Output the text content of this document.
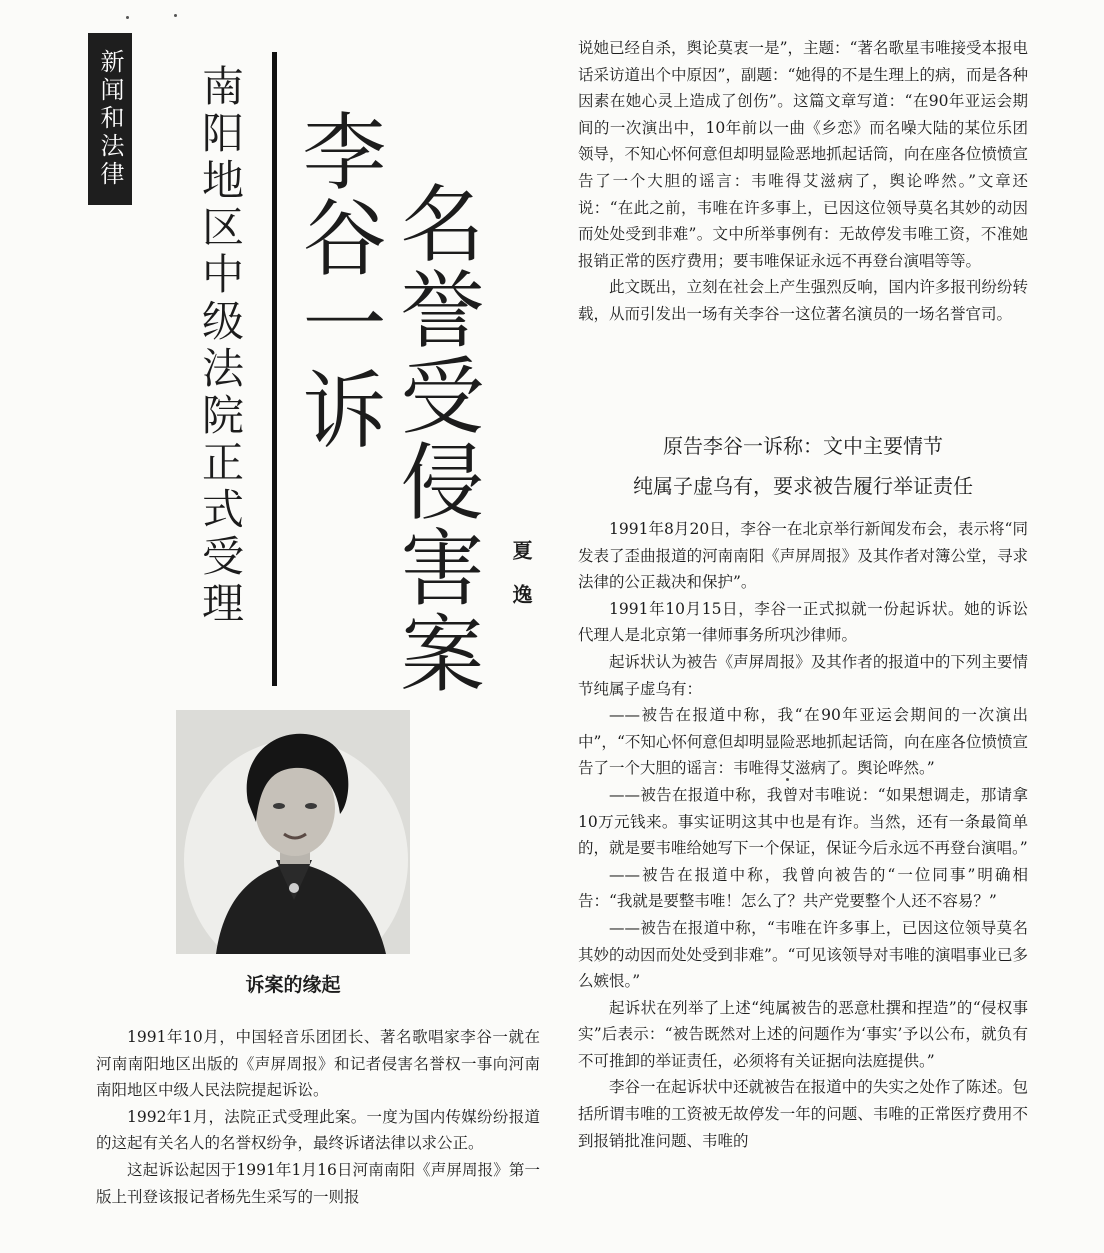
新闻和法律 南阳地区中级法院正式受理 李谷一诉 名誉受侵害案 夏逸
诉案的缘起

1991年10月，中国轻音乐团团长、著名歌唱家李谷一就在河南南阳地区出版的《声屏周报》和记者侵害名誉权一事向河南南阳地区中级人民法院提起诉讼。

1992年1月，法院正式受理此案。一度为国内传媒纷纷报道的这起有关名人的名誉权纷争，最终诉诸法律以求公正。

这起诉讼起因于1991年1月16日河南南阳《声屏周报》第一版上刊登该报记者杨先生采写的一则报

说她已经自杀，舆论莫衷一是”，主题：“著名歌星韦唯接受本报电话采访道出个中原因”，副题：“她得的不是生理上的病，而是各种因素在她心灵上造成了创伤”。这篇文章写道：“在90年亚运会期间的一次演出中，10年前以一曲《乡恋》而名噪大陆的某位乐团领导，不知心怀何意但却明显险恶地抓起话筒，向在座各位愤愤宣告了一个大胆的谣言：韦唯得艾滋病了，舆论哗然。”文章还说：“在此之前，韦唯在许多事上，已因这位领导莫名其妙的动因而处处受到非难”。文中所举事例有：无故停发韦唯工资，不准她报销正常的医疗费用；要韦唯保证永远不再登台演唱等等。

此文既出，立刻在社会上产生强烈反响，国内许多报刊纷纷转载，从而引发出一场有关李谷一这位著名演员的一场名誉官司。

原告李谷一诉称：文中主要情节
纯属子虚乌有，要求被告履行举证责任

1991年8月20日，李谷一在北京举行新闻发布会，表示将“同发表了歪曲报道的河南南阳《声屏周报》及其作者对簿公堂，寻求法律的公正裁决和保护”。

1991年10月15日，李谷一正式拟就一份起诉状。她的诉讼代理人是北京第一律师事务所巩沙律师。

起诉状认为被告《声屏周报》及其作者的报道中的下列主要情节纯属子虚乌有：

——被告在报道中称，我“在90年亚运会期间的一次演出中”，“不知心怀何意但却明显险恶地抓起话筒，向在座各位愤愤宣告了一个大胆的谣言：韦唯得艾滋病了。舆论哗然。”

——被告在报道中称，我曾对韦唯说：“如果想调走，那请拿10万元钱来。事实证明这其中也是有诈。当然，还有一条最简单的，就是要韦唯给她写下一个保证，保证今后永远不再登台演唱。”

——被告在报道中称，我曾向被告的“一位同事”明确相告：“我就是要整韦唯！怎么了？共产党要整个人还不容易？”

——被告在报道中称，“韦唯在许多事上，已因这位领导莫名其妙的动因而处处受到非难”。“可见该领导对韦唯的演唱事业已多么嫉恨。”

起诉状在列举了上述“纯属被告的恶意杜撰和捏造”的“侵权事实”后表示：“被告既然对上述的问题作为‘事实’予以公布，就负有不可推卸的举证责任，必须将有关证据向法庭提供。”

李谷一在起诉状中还就被告在报道中的失实之处作了陈述。包括所谓韦唯的工资被无故停发一年的问题、韦唯的正常医疗费用不到报销批准问题、韦唯的
